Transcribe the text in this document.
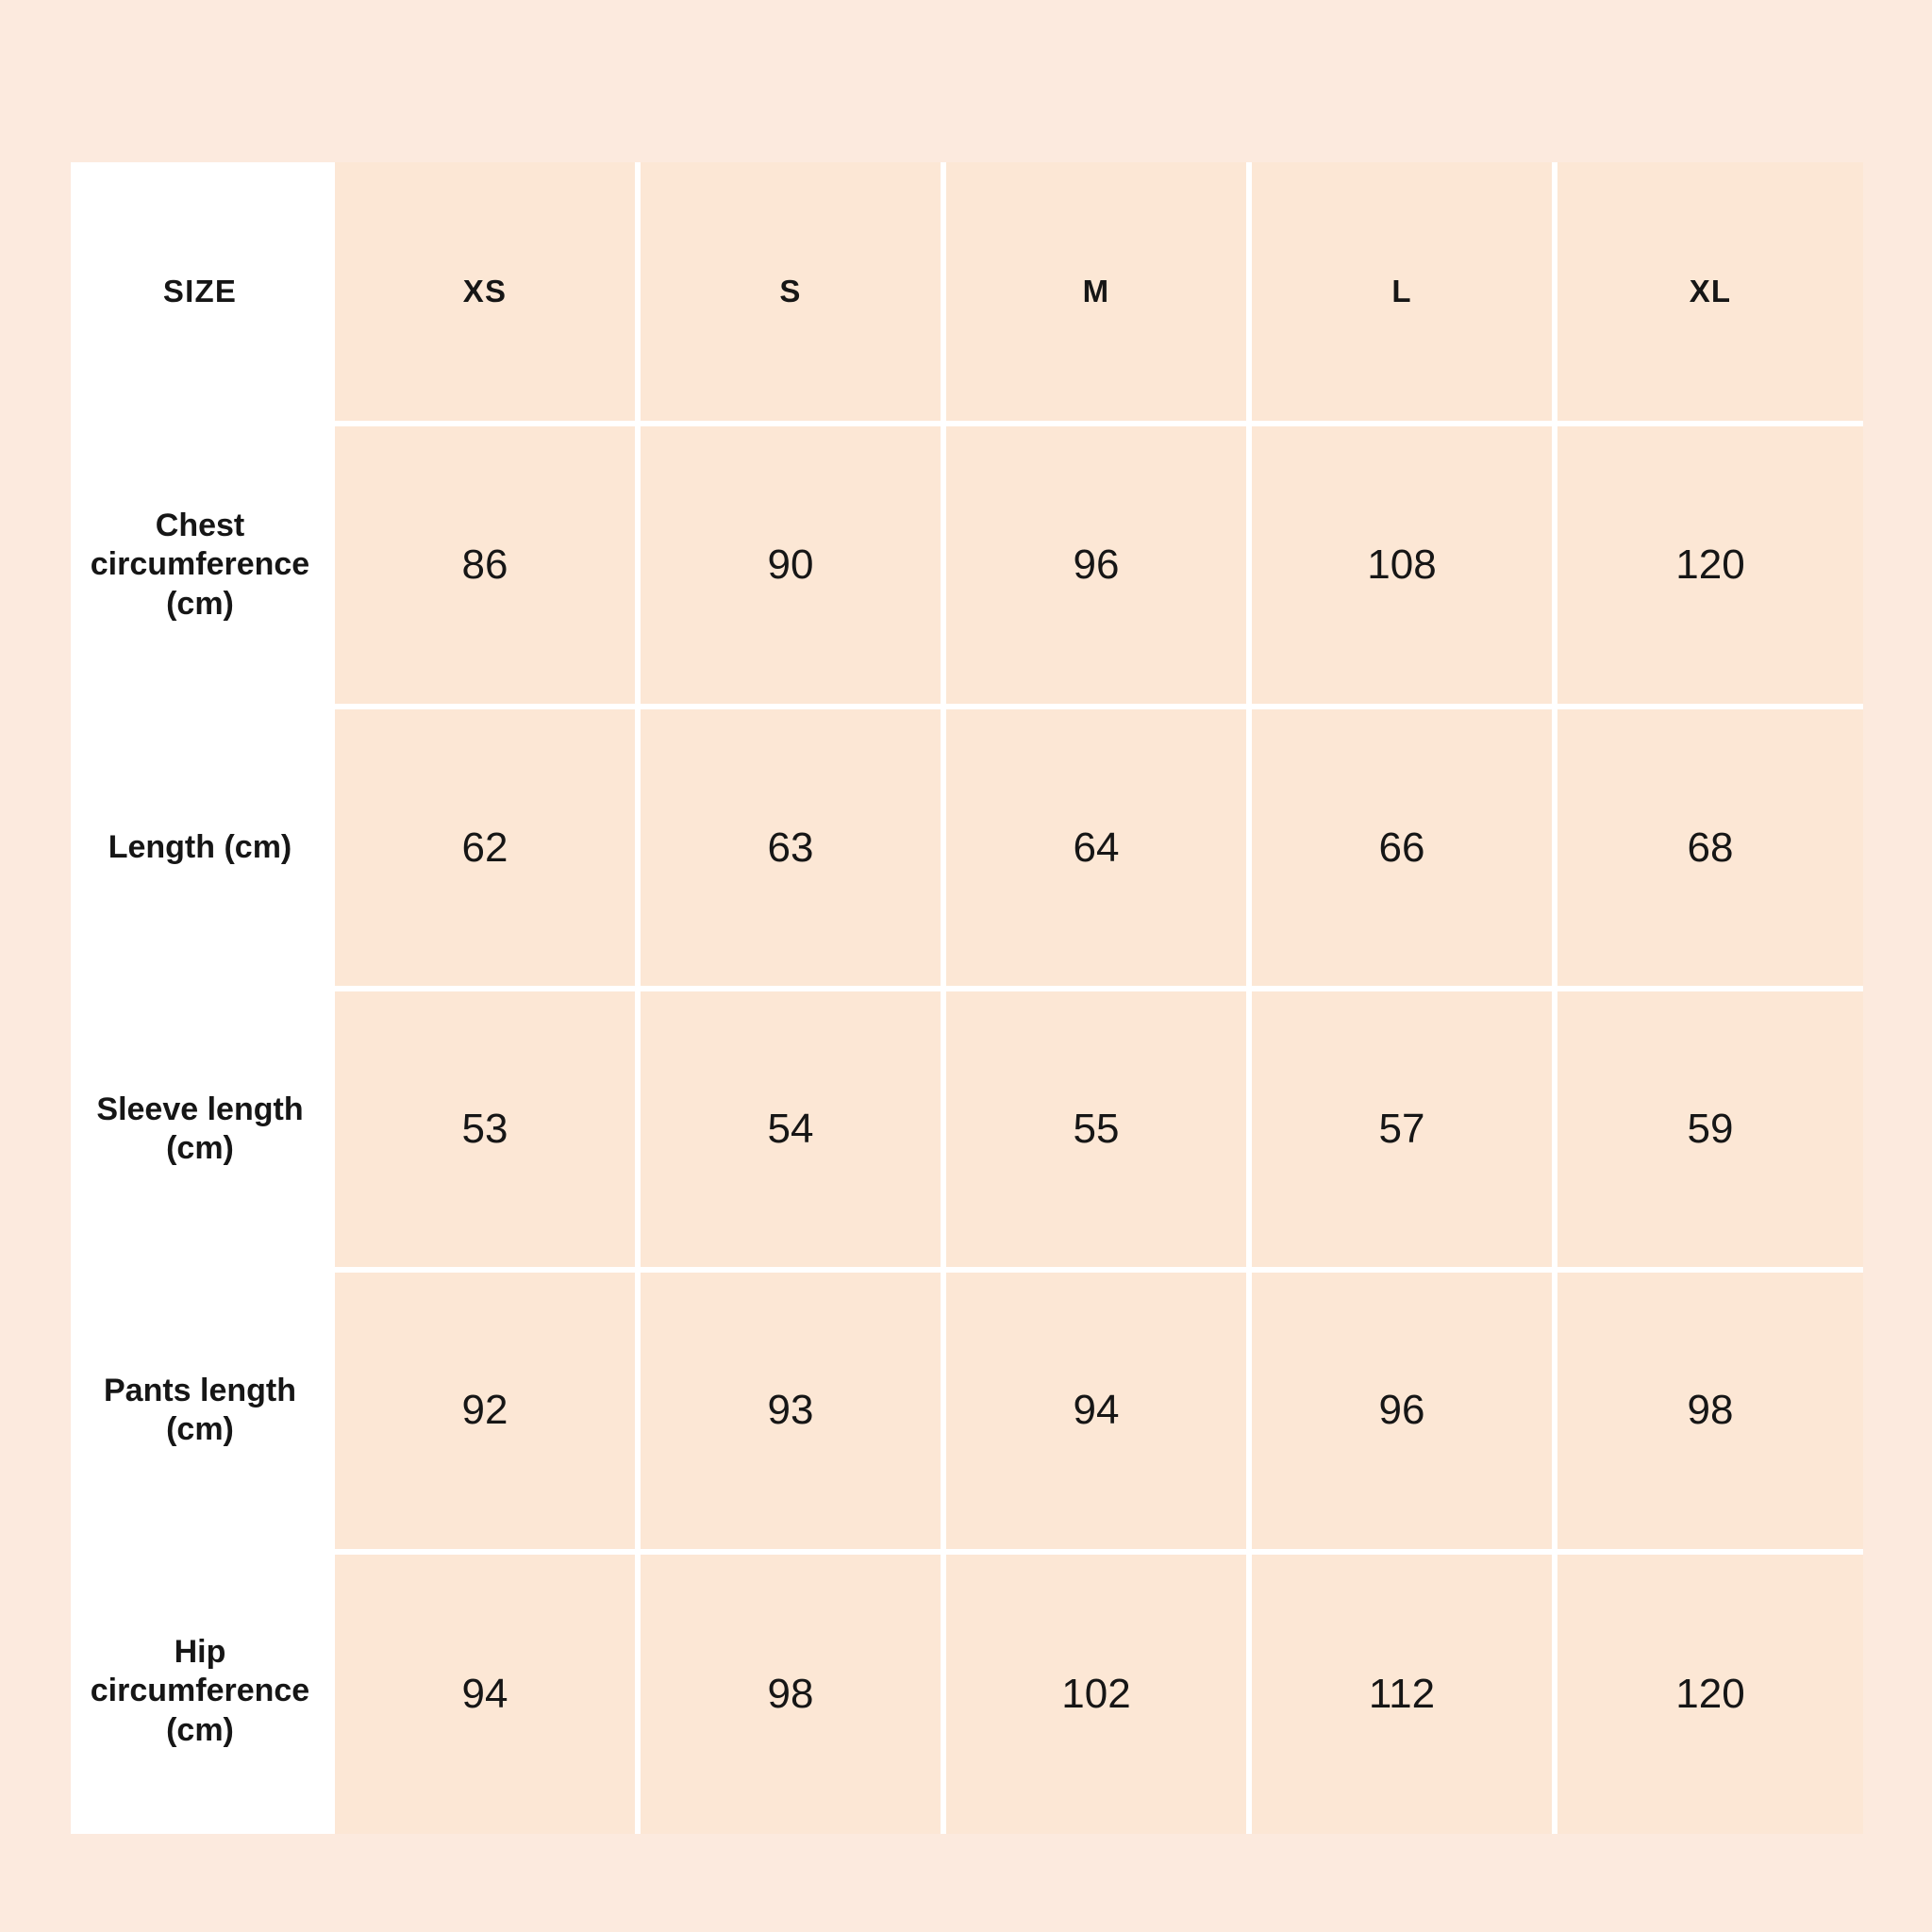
SIZE	XS	S	M	L	XL
Chest circumference (cm)	86	90	96	108	120
Length (cm)	62	63	64	66	68
Sleeve length (cm)	53	54	55	57	59
Pants length (cm)	92	93	94	96	98
Hip circumference (cm)	94	98	102	112	120
